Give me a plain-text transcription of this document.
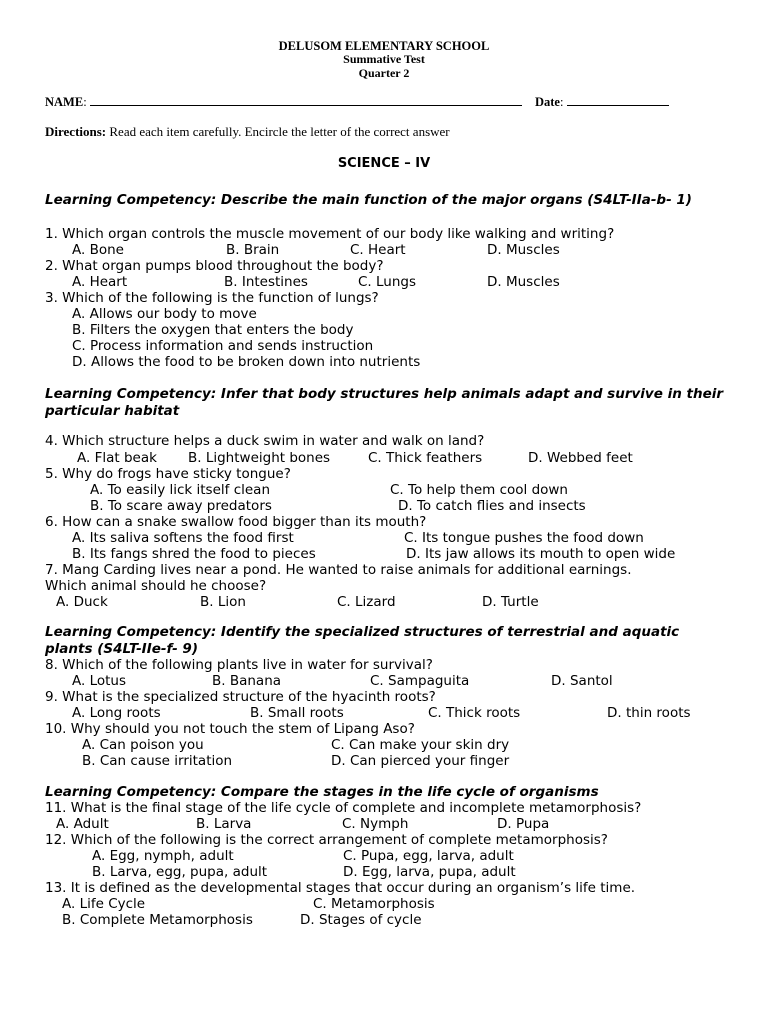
DELUSOM ELEMENTARY SCHOOL
Summative Test
Quarter 2
NAME:	Date:
Directions: Read each item carefully. Encircle the letter of the correct answer
SCIENCE – IV
Learning Competency: Describe the main function of the major organs (S4LT-IIa-b- 1)
1. Which organ controls the muscle movement of our body like walking and writing?
A. Bone	B. Brain	C. Heart	D. Muscles
2. What organ pumps blood throughout the body?
A. Heart	B. Intestines	C. Lungs	D. Muscles
3. Which of the following is the function of lungs?
A. Allows our body to move
B. Filters the oxygen that enters the body
C. Process information and sends instruction
D. Allows the food to be broken down into nutrients
Learning Competency: Infer that body structures help animals adapt and survive in their particular habitat
4. Which structure helps a duck swim in water and walk on land?
A. Flat beak B. Lightweight bones	C. Thick feathers	D. Webbed feet
5. Why do frogs have sticky tongue?
A. To easily lick itself clean	C. To help them cool down
B. To scare away predators	D. To catch flies and insects
6. How can a snake swallow food bigger than its mouth?
A. Its saliva softens the food first	C. Its tongue pushes the food down
B. Its fangs shred the food to pieces	D. Its jaw allows its mouth to open wide
7. Mang Carding lives near a pond. He wanted to raise animals for additional earnings.
Which animal should he choose?
A. Duck	B. Lion	C. Lizard	D. Turtle
Learning Competency: Identify the specialized structures of terrestrial and aquatic plants (S4LT-IIe-f- 9)
8. Which of the following plants live in water for survival?
A. Lotus	B. Banana	C. Sampaguita	D. Santol
9. What is the specialized structure of the hyacinth roots?
A. Long roots	B. Small roots	C. Thick roots	D. thin roots
10. Why should you not touch the stem of Lipang Aso?
A. Can poison you	C. Can make your skin dry
B. Can cause irritation	D. Can pierced your finger
Learning Competency: Compare the stages in the life cycle of organisms
11. What is the final stage of the life cycle of complete and incomplete metamorphosis?
A. Adult	B. Larva	C. Nymph	D. Pupa
12. Which of the following is the correct arrangement of complete metamorphosis?
A. Egg, nymph, adult	C. Pupa, egg, larva, adult
B. Larva, egg, pupa, adult	D. Egg, larva, pupa, adult
13. It is defined as the developmental stages that occur during an organism’s life time.
A. Life Cycle	C. Metamorphosis
B. Complete Metamorphosis	D. Stages of cycle
